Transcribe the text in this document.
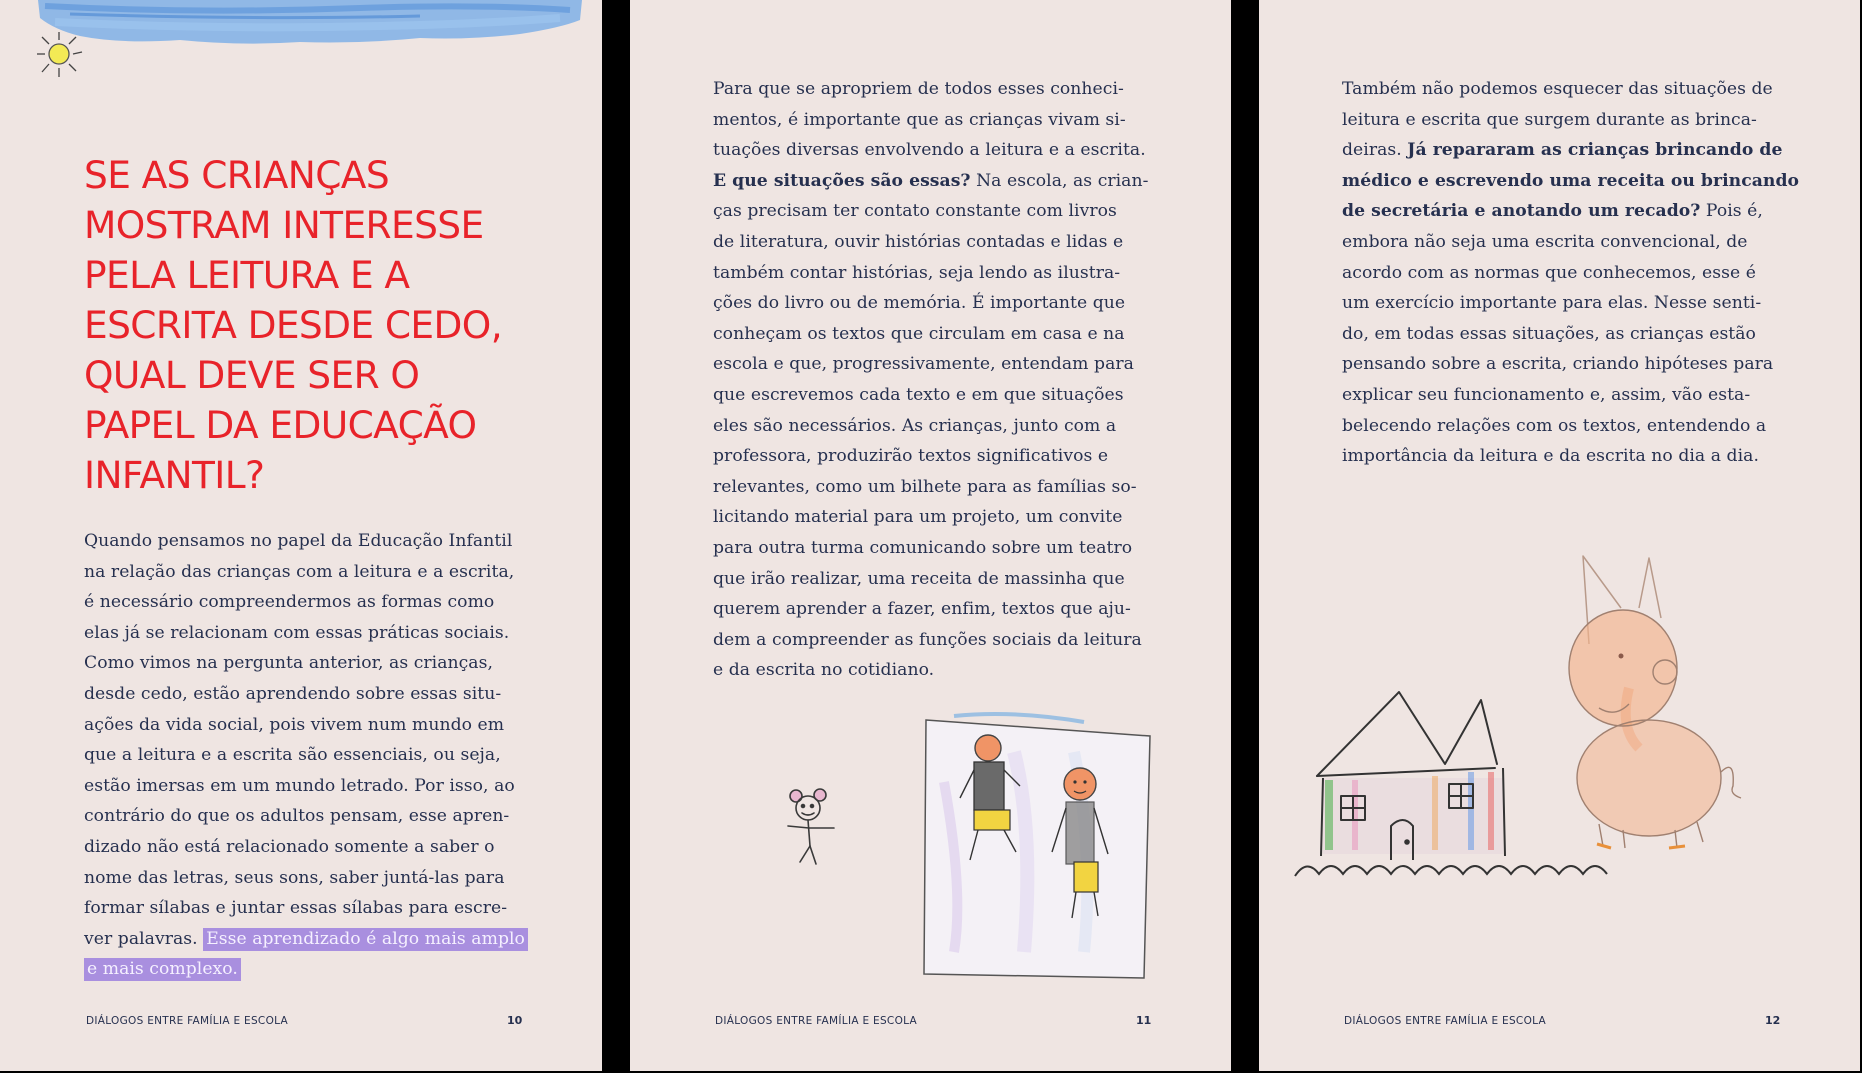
SE AS CRIANÇAS
MOSTRAM INTERESSE
PELA LEITURA E A
ESCRITA DESDE CEDO,
QUAL DEVE SER O
PAPEL DA EDUCAÇÃO
INFANTIL?
Quando pensamos no papel da Educação Infantil
na relação das crianças com a leitura e a escrita,
é necessário compreendermos as formas como
elas já se relacionam com essas práticas sociais.
Como vimos na pergunta anterior, as crianças,
desde cedo, estão aprendendo sobre essas situ-
ações da vida social, pois vivem num mundo em
que a leitura e a escrita são essenciais, ou seja,
estão imersas em um mundo letrado. Por isso, ao
contrário do que os adultos pensam, esse apren-
dizado não está relacionado somente a saber o
nome das letras, seus sons, saber juntá-las para
formar sílabas e juntar essas sílabas para escre-
ver palavras. Esse aprendizado é algo mais amplo
e mais complexo.
DIÁLOGOS ENTRE FAMÍLIA E ESCOLA	10
Para que se apropriem de todos esses conheci-
mentos, é importante que as crianças vivam si-
tuações diversas envolvendo a leitura e a escrita.
E que situações são essas? Na escola, as crian-
ças precisam ter contato constante com livros
de literatura, ouvir histórias contadas e lidas e
também contar histórias, seja lendo as ilustra-
ções do livro ou de memória. É importante que
conheçam os textos que circulam em casa e na
escola e que, progressivamente, entendam para
que escrevemos cada texto e em que situações
eles são necessários. As crianças, junto com a
professora, produzirão textos significativos e
relevantes, como um bilhete para as famílias so-
licitando material para um projeto, um convite
para outra turma comunicando sobre um teatro
que irão realizar, uma receita de massinha que
querem aprender a fazer, enfim, textos que aju-
dem a compreender as funções sociais da leitura
e da escrita no cotidiano.
DIÁLOGOS ENTRE FAMÍLIA E ESCOLA	11
Também não podemos esquecer das situações de
leitura e escrita que surgem durante as brinca-
deiras. Já repararam as crianças brincando de
médico e escrevendo uma receita ou brincando
de secretária e anotando um recado? Pois é,
embora não seja uma escrita convencional, de
acordo com as normas que conhecemos, esse é
um exercício importante para elas. Nesse senti-
do, em todas essas situações, as crianças estão
pensando sobre a escrita, criando hipóteses para
explicar seu funcionamento e, assim, vão esta-
belecendo relações com os textos, entendendo a
importância da leitura e da escrita no dia a dia.
DIÁLOGOS ENTRE FAMÍLIA E ESCOLA	12
